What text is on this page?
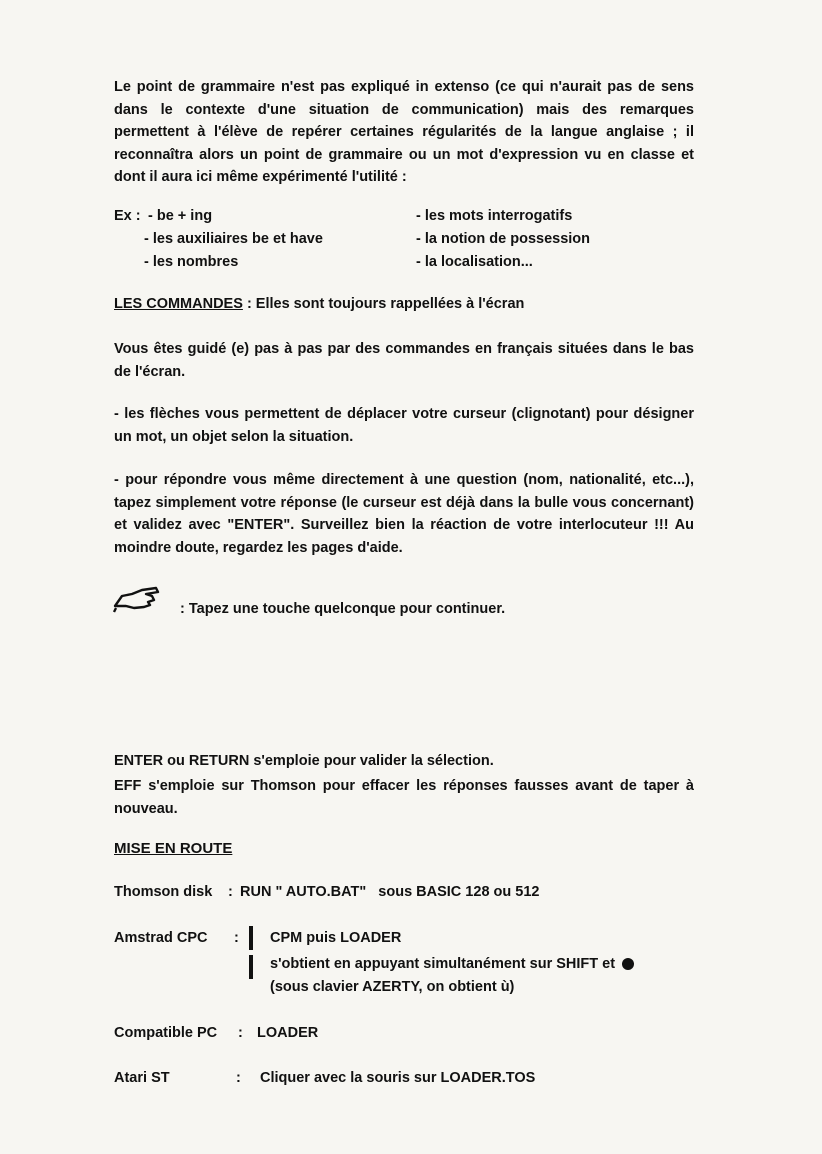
Le point de grammaire n'est pas expliqué in extenso (ce qui n'aurait pas de sens dans le contexte d'une situation de communication) mais des remarques permettent à l'élève de repérer certaines régularités de la langue anglaise ; il reconnaîtra alors un point de grammaire ou un mot d'expression vu en classe et dont il aura ici même expérimenté l'utilité :
Ex : - be + ing
- les auxiliaires be et have
- les nombres
- les mots interrogatifs
- la notion de possession
- la localisation...
LES COMMANDES : Elles sont toujours rappellées à l'écran
Vous êtes guidé (e) pas à pas par des commandes en français situées dans le bas de l'écran.
- les flèches vous permettent de déplacer votre curseur (clignotant) pour désigner un mot, un objet selon la situation.
- pour répondre vous même directement à une question (nom, nationalité, etc...), tapez simplement votre réponse (le curseur est déjà dans la bulle vous concernant) et validez avec "ENTER". Surveillez bien la réaction de votre interlocuteur !!! Au moindre doute, regardez les pages d'aide.
: Tapez une touche quelconque pour continuer.
ENTER ou RETURN s'emploie pour valider la sélection.
EFF s'emploie sur Thomson pour effacer les réponses fausses avant de taper à nouveau.
MISE EN ROUTE
Thomson disk : RUN " AUTO.BAT" sous BASIC 128 ou 512
Amstrad CPC : CPM puis LOADER
s'obtient en appuyant simultanément sur SHIFT et
(sous clavier AZERTY, on obtient ù)
Compatible PC : LOADER
Atari ST	: Cliquer avec la souris sur LOADER.TOS
